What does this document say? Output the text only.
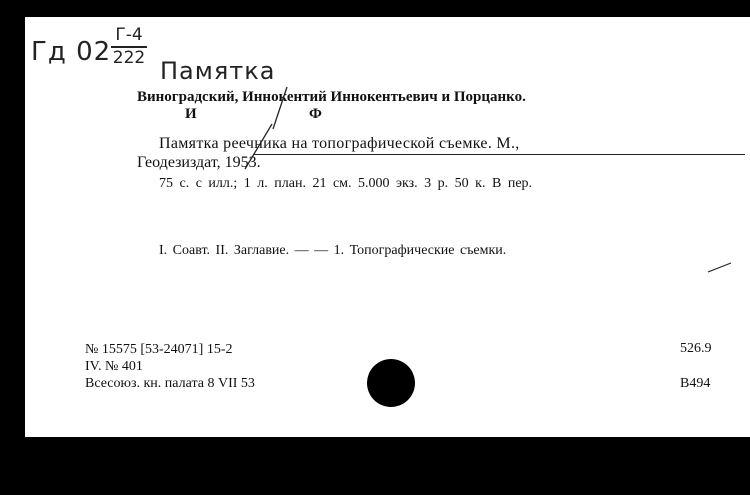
Гд 02
Г-4
222 Памятка
Виноградский, Иннокентий Иннокентьевич и Порцанко.
И	Ф
Памятка реечника на топографической съемке. М.,
Геодезиздат, 1953.
75 с. с илл.; 1 л. план. 21 см. 5.000 экз. 3 р. 50 к. В пер.
I. Соавт. II. Заглавие. — — 1. Топографические съемки.
№ 15575 [53-24071] 15-2
IV. № 401
Всесоюз. кн. палата 8 VII 53
526.9
В494
